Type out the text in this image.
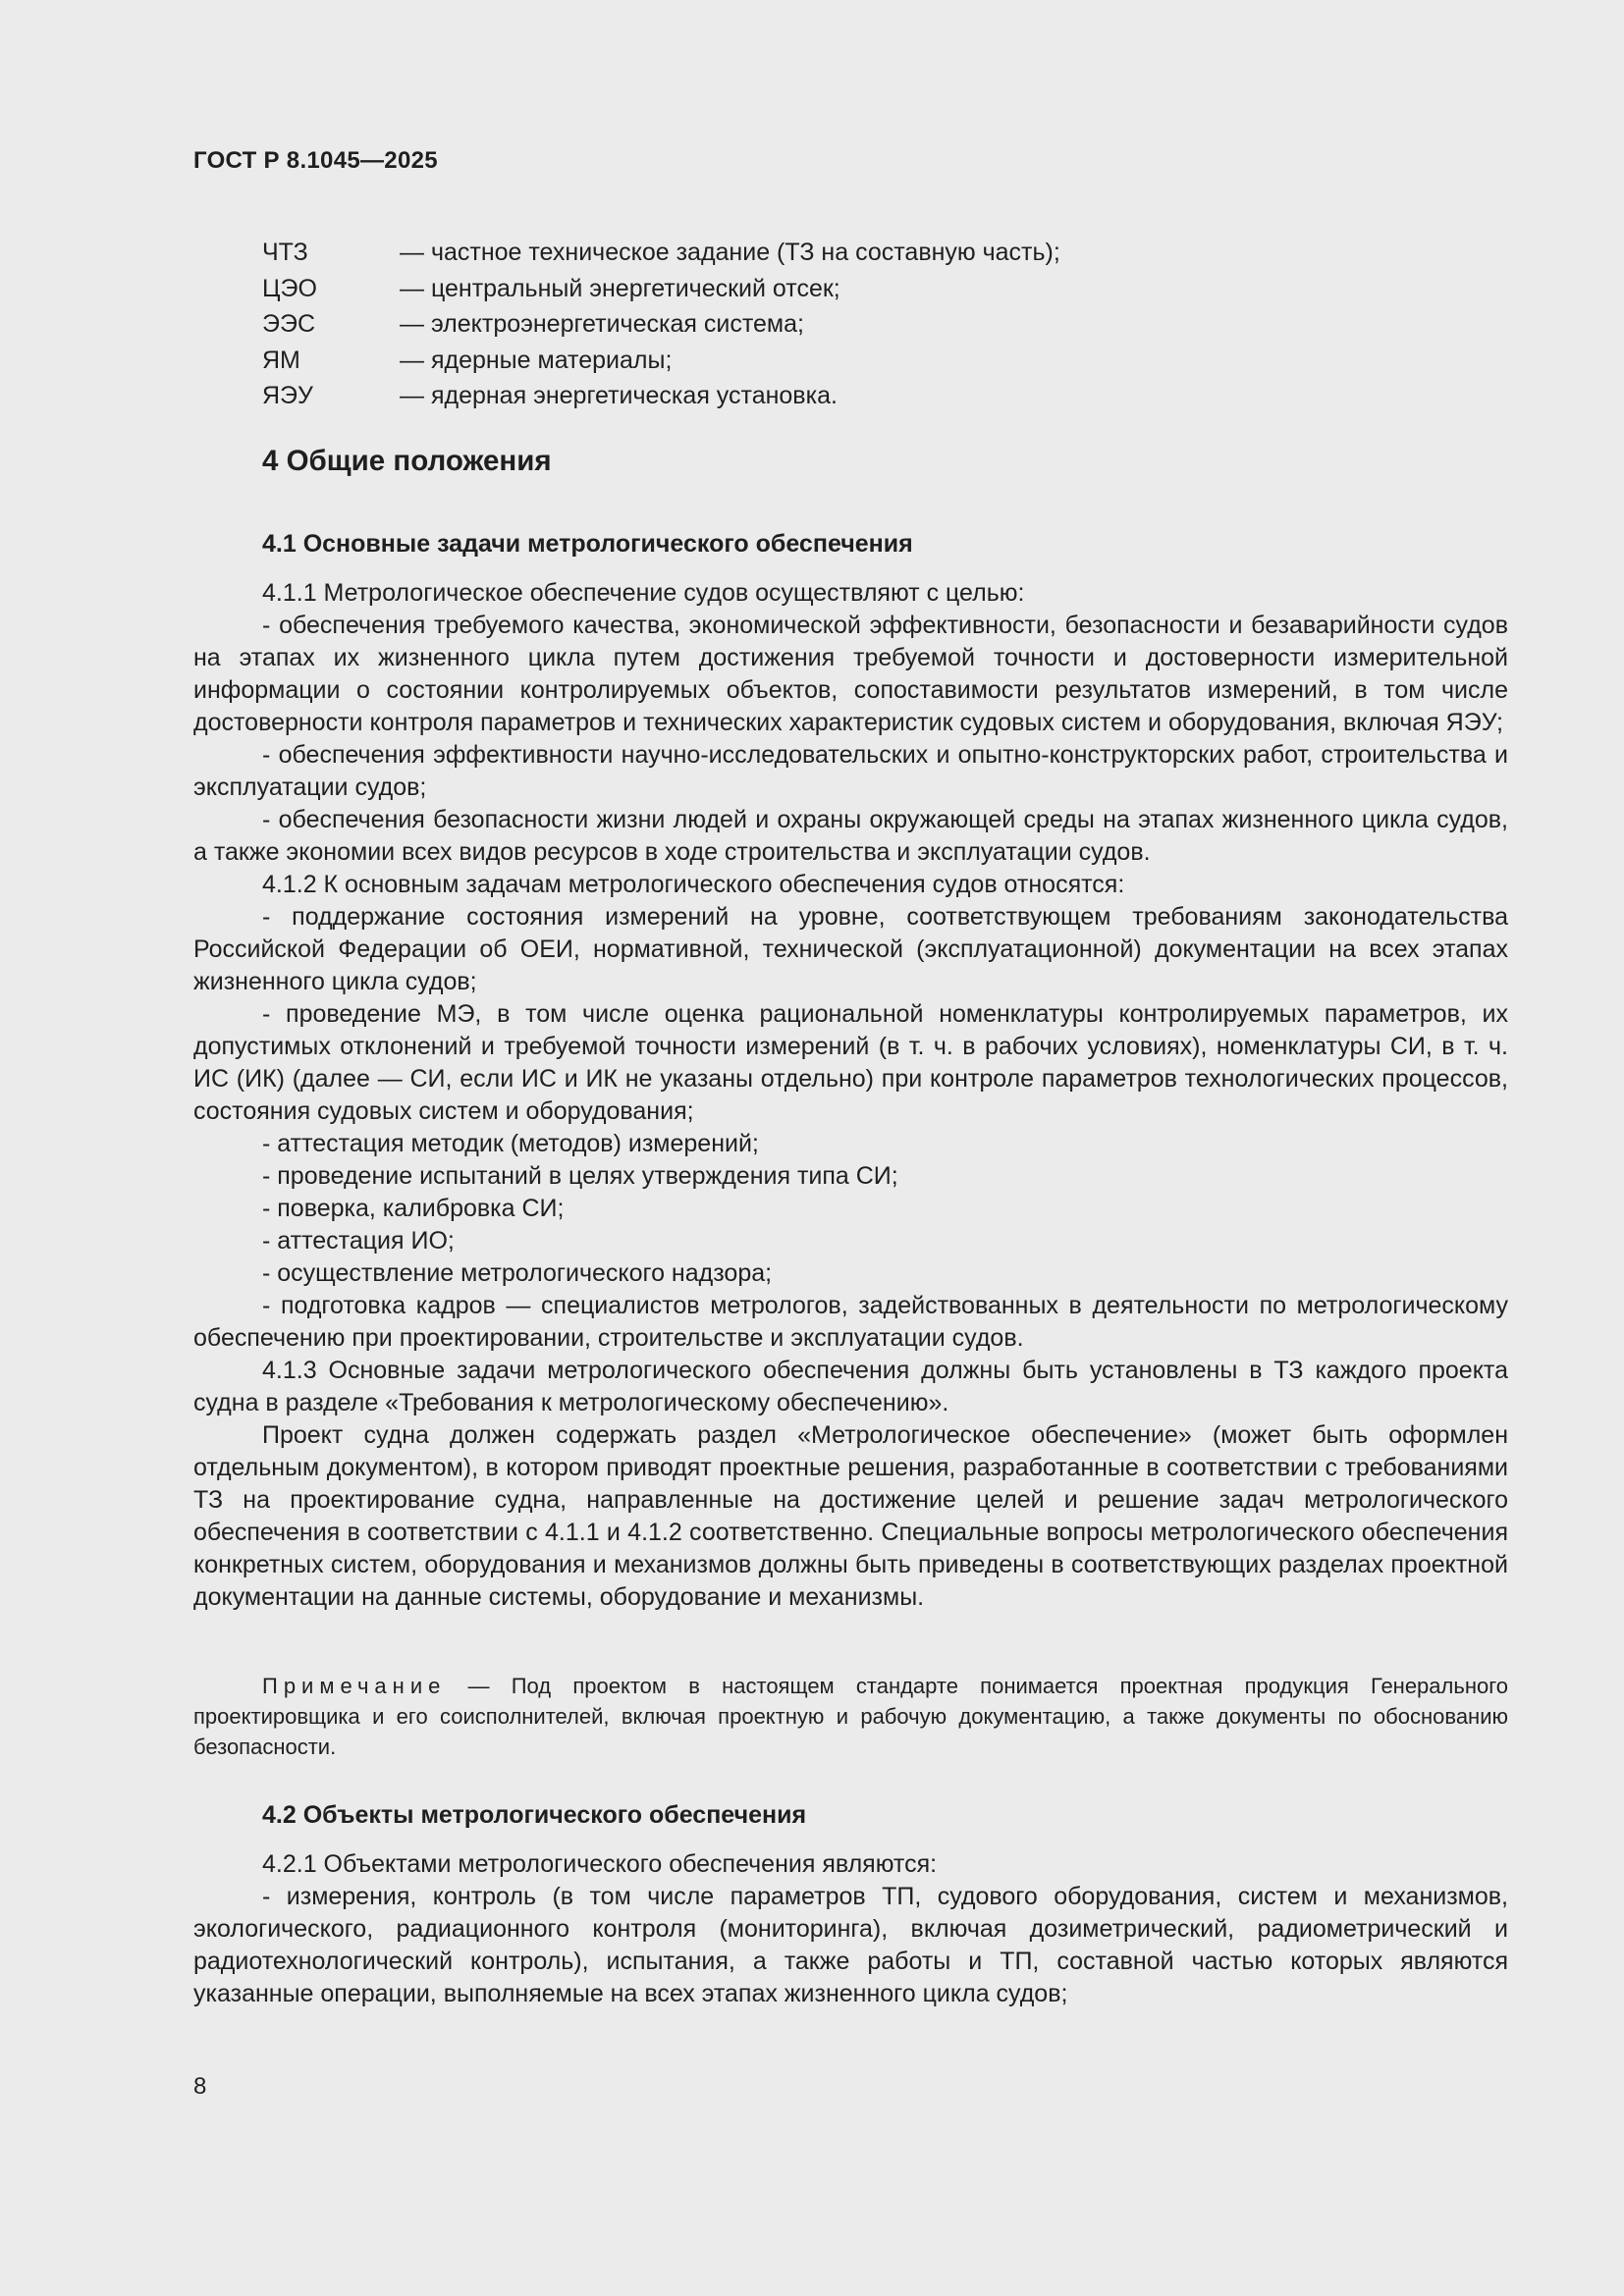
ГОСТ Р 8.1045—2025
ЧТЗ	— частное техническое задание (ТЗ на составную часть);
ЦЭО	— центральный энергетический отсек;
ЭЭС	— электроэнергетическая система;
ЯМ	— ядерные материалы;
ЯЭУ	— ядерная энергетическая установка.
4 Общие положения
4.1 Основные задачи метрологического обеспечения

4.1.1 Метрологическое обеспечение судов осуществляют с целью:

- обеспечения требуемого качества, экономической эффективности, безопасности и безаварийности судов на этапах их жизненного цикла путем достижения требуемой точности и достоверности измерительной информации о состоянии контролируемых объектов, сопоставимости результатов измерений, в том числе достоверности контроля параметров и технических характеристик судовых систем и оборудования, включая ЯЭУ;

- обеспечения эффективности научно-исследовательских и опытно-конструкторских работ, строительства и эксплуатации судов;

- обеспечения безопасности жизни людей и охраны окружающей среды на этапах жизненного цикла судов, а также экономии всех видов ресурсов в ходе строительства и эксплуатации судов.

4.1.2 К основным задачам метрологического обеспечения судов относятся:

- поддержание состояния измерений на уровне, соответствующем требованиям законодательства Российской Федерации об ОЕИ, нормативной, технической (эксплуатационной) документации на всех этапах жизненного цикла судов;

- проведение МЭ, в том числе оценка рациональной номенклатуры контролируемых параметров, их допустимых отклонений и требуемой точности измерений (в т. ч. в рабочих условиях), номенклатуры СИ, в т. ч. ИС (ИК) (далее — СИ, если ИС и ИК не указаны отдельно) при контроле параметров технологических процессов, состояния судовых систем и оборудования;

- аттестация методик (методов) измерений;

- проведение испытаний в целях утверждения типа СИ;

- поверка, калибровка СИ;

- аттестация ИО;

- осуществление метрологического надзора;

- подготовка кадров — специалистов метрологов, задействованных в деятельности по метрологическому обеспечению при проектировании, строительстве и эксплуатации судов.

4.1.3 Основные задачи метрологического обеспечения должны быть установлены в ТЗ каждого проекта судна в разделе «Требования к метрологическому обеспечению».

Проект судна должен содержать раздел «Метрологическое обеспечение» (может быть оформлен отдельным документом), в котором приводят проектные решения, разработанные в соответствии с требованиями ТЗ на проектирование судна, направленные на достижение целей и решение задач метрологического обеспечения в соответствии с 4.1.1 и 4.1.2 соответственно. Специальные вопросы метрологического обеспечения конкретных систем, оборудования и механизмов должны быть приведены в соответствующих разделах проектной документации на данные системы, оборудование и механизмы.

Примечание — Под проектом в настоящем стандарте понимается проектная продукция Генерального проектировщика и его соисполнителей, включая проектную и рабочую документацию, а также документы по обоснованию безопасности.

4.2 Объекты метрологического обеспечения

4.2.1 Объектами метрологического обеспечения являются:

- измерения, контроль (в том числе параметров ТП, судового оборудования, систем и механизмов, экологического, радиационного контроля (мониторинга), включая дозиметрический, радиометрический и радиотехнологический контроль), испытания, а также работы и ТП, составной частью которых являются указанные операции, выполняемые на всех этапах жизненного цикла судов;

8
